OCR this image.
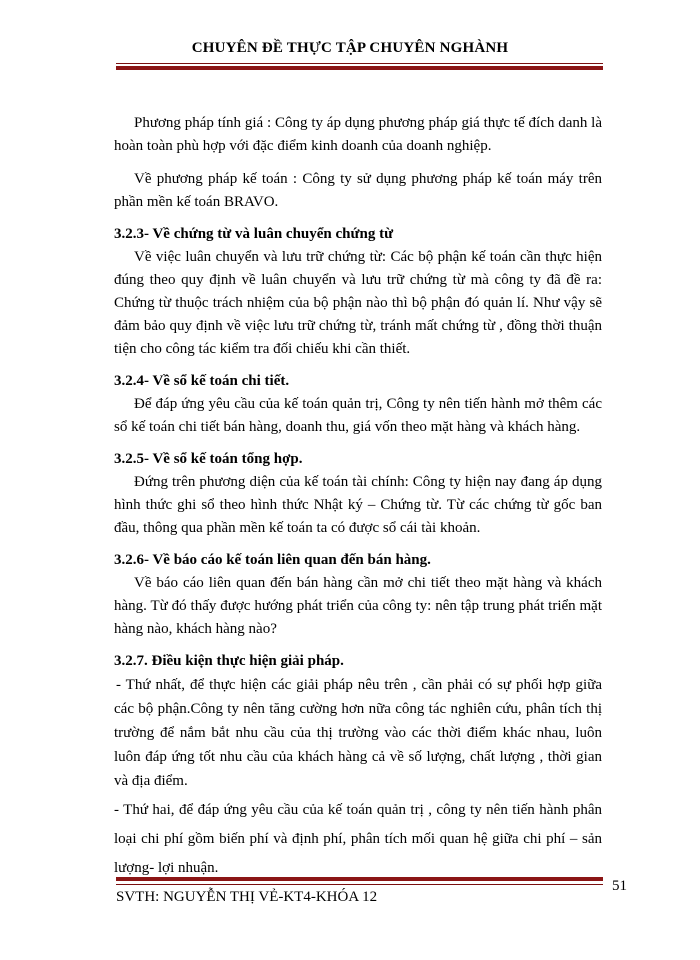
CHUYÊN ĐỀ THỰC TẬP CHUYÊN NGHÀNH

Phương pháp tính giá : Công ty áp dụng phương pháp giá thực tế đích danh là hoàn toàn phù hợp với đặc điểm kinh doanh của doanh nghiệp.

Về phương pháp kế toán : Công ty sử dụng phương pháp kế toán máy trên phần mền kế toán BRAVO.

3.2.3- Về chứng từ và luân chuyển chứng từ

Về việc luân chuyển và lưu trữ chứng từ: Các bộ phận kế toán cần thực hiện đúng theo quy định về luân chuyển và lưu trữ chứng từ mà công ty đã đề ra: Chứng từ thuộc trách nhiệm của bộ phận nào thì bộ phận đó quản lí. Như vậy sẽ đảm bảo quy định về việc lưu trữ chứng từ, tránh mất chứng từ , đồng thời thuận tiện cho công tác kiểm tra đối chiếu khi cần thiết.

3.2.4- Về sổ kế toán chi tiết.

Để đáp ứng yêu cầu của kế toán quản trị, Công ty nên tiến hành mở thêm các sổ kế toán chi tiết bán hàng, doanh thu, giá vốn theo mặt hàng và khách hàng.

3.2.5- Về sổ kế toán tổng hợp.

Đứng trên phương diện của kế toán tài chính: Công ty hiện nay đang áp dụng hình thức ghi sổ theo hình thức Nhật ký – Chứng từ. Từ các chứng từ gốc ban đầu, thông qua phần mền kế toán ta có được sổ cái tài khoản.

3.2.6- Về báo cáo kế toán liên quan đến bán hàng.

Về báo cáo liên quan đến bán hàng cần mở chi tiết theo mặt hàng và khách hàng. Từ đó thấy được hướng phát triển của công ty: nên tập trung phát triển mặt hàng nào, khách hàng nào?

3.2.7. Điều kiện thực hiện giải pháp.

- Thứ nhất, để thực hiện các giải pháp nêu trên , cần phải có sự phối hợp giữa các bộ phận.Công ty nên tăng cường hơn nữa công tác nghiên cứu, phân tích thị trường để nắm bắt nhu cầu của thị trường vào các thời điểm khác nhau, luôn luôn đáp ứng tốt nhu cầu của khách hàng cả về số lượng, chất lượng , thời gian và địa điểm.

- Thứ hai, để đáp ứng yêu cầu của kế toán quản trị , công ty nên tiến hành phân loại chi phí gồm biến phí và định phí, phân tích mối quan hệ giữa chi phí – sản lượng- lợi nhuận.

SVTH: NGUYỄN THỊ VẺ-KT4-KHÓA 12
51
